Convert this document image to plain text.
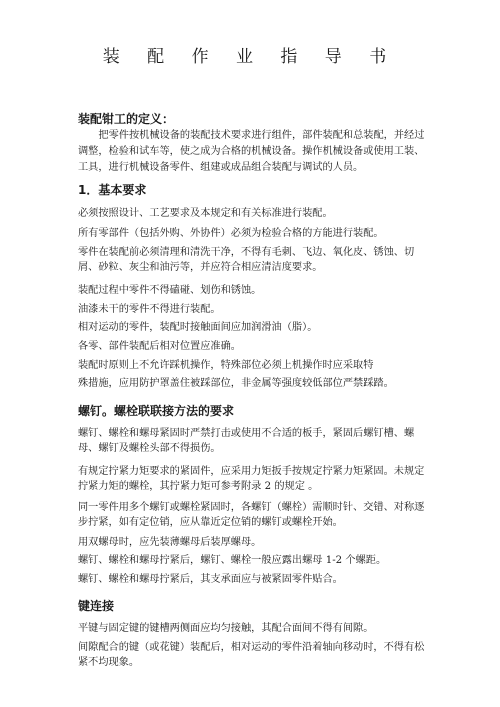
装 配 作 业 指 导 书
装配钳工的定义：
把零件按机械设备的装配技术要求进行组件，部件装配和总装配，并经过调整，检验和试车等，使之成为合格的机械设备。操作机械设备或使用工装、工具，进行机械设备零件、组建或成品组合装配与调试的人员。
1．基本要求
必须按照设计、工艺要求及本规定和有关标准进行装配。
所有零部件（包括外购、外协件）必须为检验合格的方能进行装配。
零件在装配前必须清理和清洗干净，不得有毛刺、飞边、氧化皮、锈蚀、切屑、砂粒、灰尘和油污等，并应符合相应清洁度要求。
装配过程中零件不得磕碰、划伤和锈蚀。
油漆未干的零件不得进行装配。
相对运动的零件，装配时接触面间应加润滑油（脂）。
各零、部件装配后相对位置应准确。
装配时原则上不允许踩机操作，特殊部位必须上机操作时应采取特
殊措施，应用防护罩盖住被踩部位，非金属等强度较低部位严禁踩踏。
螺钉。螺栓联联接方法的要求
螺钉、螺栓和螺母紧固时严禁打击或使用不合适的板手，紧固后螺钉槽、螺母、螺钉及螺栓头部不得损伤。
有规定拧紧力矩要求的紧固件，应采用力矩扳手按规定拧紧力矩紧固。未规定拧紧力矩的螺栓，其拧紧力矩可参考附录 2 的规定 。
同一零件用多个螺钉或螺栓紧固时，各螺钉（螺栓）需顺时针、交错、对称逐步拧紧，如有定位销，应从靠近定位销的螺钉或螺栓开始。
用双螺母时，应先装薄螺母后装厚螺母。
螺钉、螺栓和螺母拧紧后，螺钉、螺栓一般应露出螺母 1-2 个螺距。
螺钉、螺栓和螺母拧紧后，其支承面应与被紧固零件贴合。
键连接
平键与固定键的键槽两侧面应均匀接触，其配合面间不得有间隙。
间隙配合的键（或花键）装配后，相对运动的零件沿着轴向移动时，不得有松紧不均现象。
